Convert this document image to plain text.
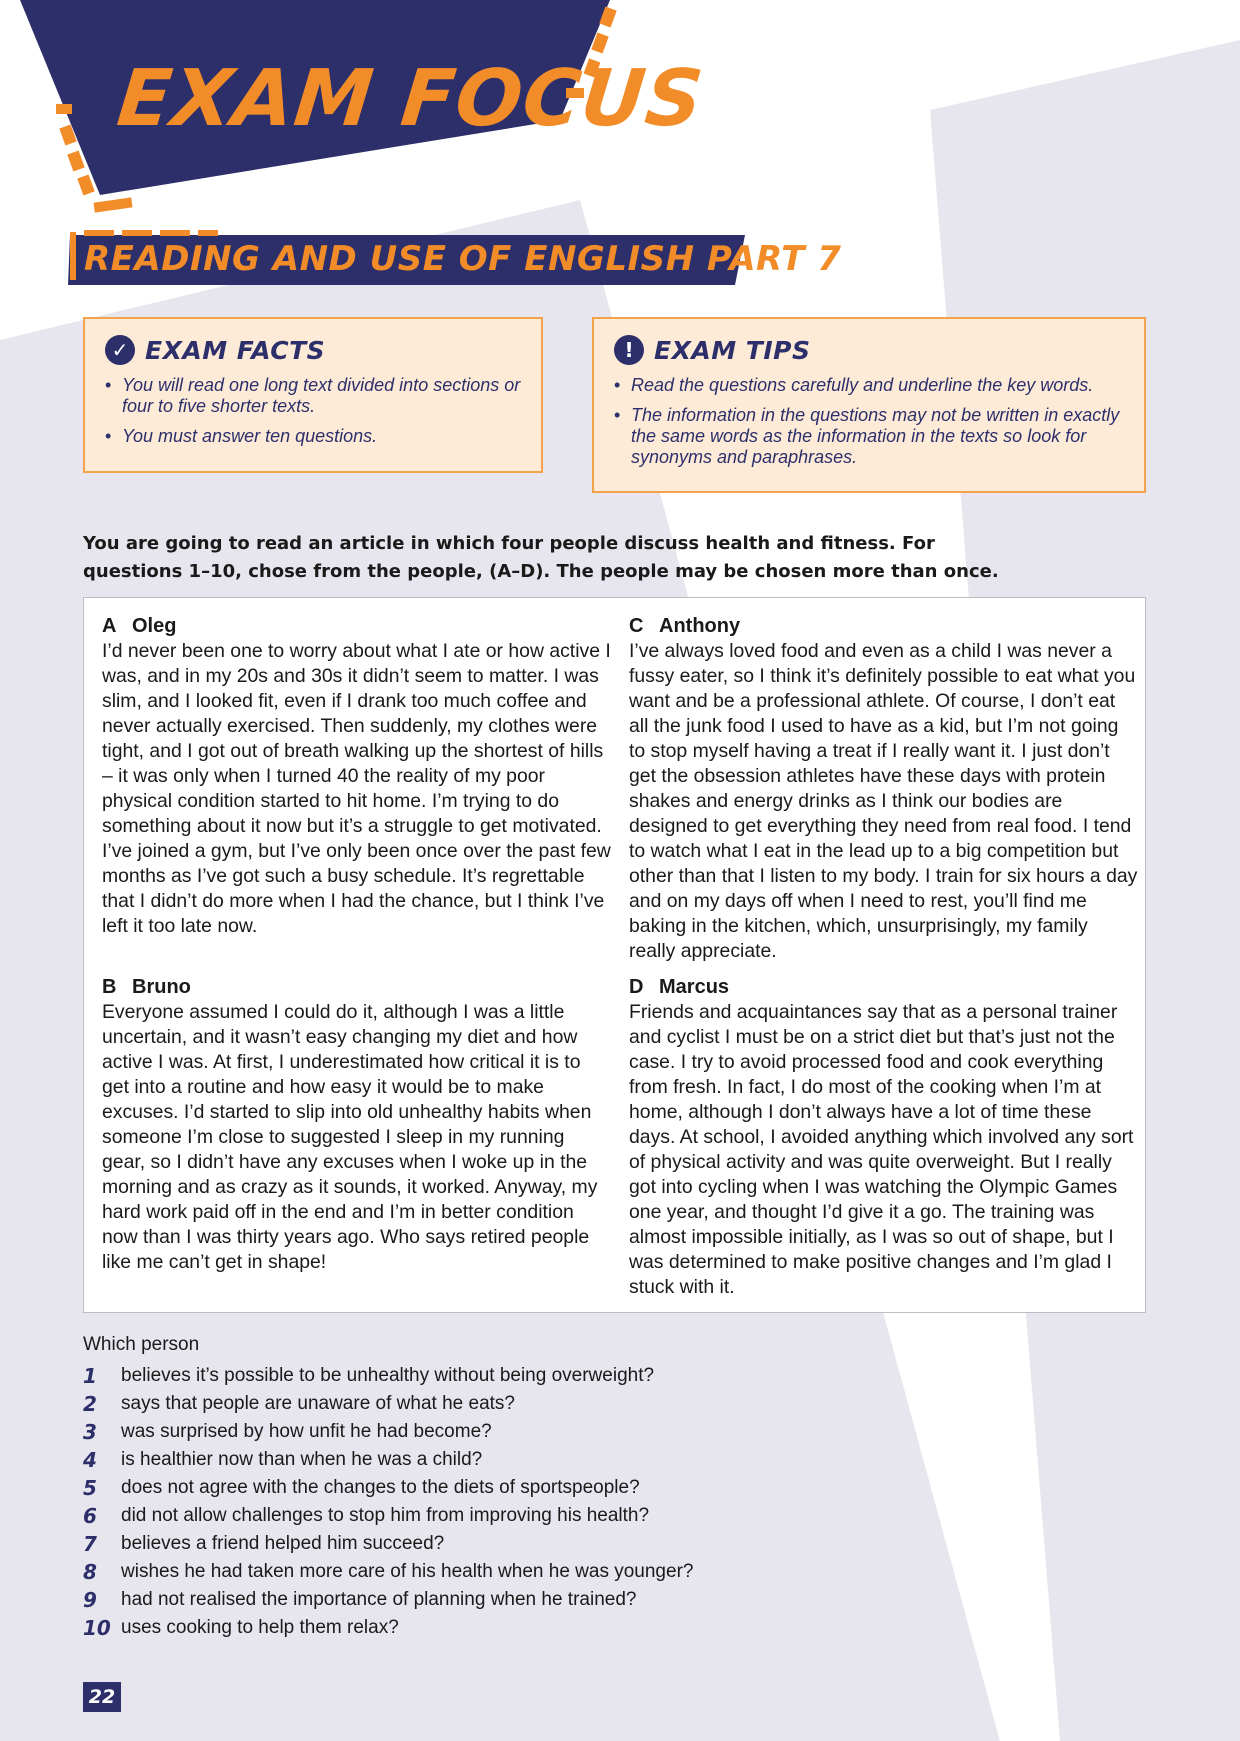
EXAM FOCUS
READING AND USE OF ENGLISH PART 7
✓ EXAM FACTS
• You will read one long text divided into sections or four to five shorter texts.
• You must answer ten questions.
! EXAM TIPS
• Read the questions carefully and underline the key words.
• The information in the questions may not be written in exactly the same words as the information in the texts so look for synonyms and paraphrases.
You are going to read an article in which four people discuss health and fitness. For questions 1–10, chose from the people, (A–D). The people may be chosen more than once.
A Oleg

I’d never been one to worry about what I ate or how active I was, and in my 20s and 30s it didn’t seem to matter. I was slim, and I looked fit, even if I drank too much coffee and never actually exercised. Then suddenly, my clothes were tight, and I got out of breath walking up the shortest of hills – it was only when I turned 40 the reality of my poor physical condition started to hit home. I’m trying to do something about it now but it’s a struggle to get motivated. I’ve joined a gym, but I’ve only been once over the past few months as I’ve got such a busy schedule. It’s regrettable that I didn’t do more when I had the chance, but I think I’ve left it too late now.

B Bruno

Everyone assumed I could do it, although I was a little uncertain, and it wasn’t easy changing my diet and how active I was. At first, I underestimated how critical it is to get into a routine and how easy it would be to make excuses. I’d started to slip into old unhealthy habits when someone I’m close to suggested I sleep in my running gear, so I didn’t have any excuses when I woke up in the morning and as crazy as it sounds, it worked. Anyway, my hard work paid off in the end and I’m in better condition now than I was thirty years ago. Who says retired people like me can’t get in shape!

C Anthony

I’ve always loved food and even as a child I was never a fussy eater, so I think it’s definitely possible to eat what you want and be a professional athlete. Of course, I don’t eat all the junk food I used to have as a kid, but I’m not going to stop myself having a treat if I really want it. I just don’t get the obsession athletes have these days with protein shakes and energy drinks as I think our bodies are designed to get everything they need from real food. I tend to watch what I eat in the lead up to a big competition but other than that I listen to my body. I train for six hours a day and on my days off when I need to rest, you’ll find me baking in the kitchen, which, unsurprisingly, my family really appreciate.

D Marcus

Friends and acquaintances say that as a personal trainer and cyclist I must be on a strict diet but that’s just not the case. I try to avoid processed food and cook everything from fresh. In fact, I do most of the cooking when I’m at home, although I don’t always have a lot of time these days. At school, I avoided anything which involved any sort of physical activity and was quite overweight. But I really got into cycling when I was watching the Olympic Games one year, and thought I’d give it a go. The training was almost impossible initially, as I was so out of shape, but I was determined to make positive changes and I’m glad I stuck with it.

Which person
1	believes it’s possible to be unhealthy without being overweight?
2	says that people are unaware of what he eats?
3	was surprised by how unfit he had become?
4	is healthier now than when he was a child?
5	does not agree with the changes to the diets of sportspeople?
6	did not allow challenges to stop him from improving his health?
7	believes a friend helped him succeed?
8	wishes he had taken more care of his health when he was younger?
9	had not realised the importance of planning when he trained?
10 uses cooking to help them relax?
22
